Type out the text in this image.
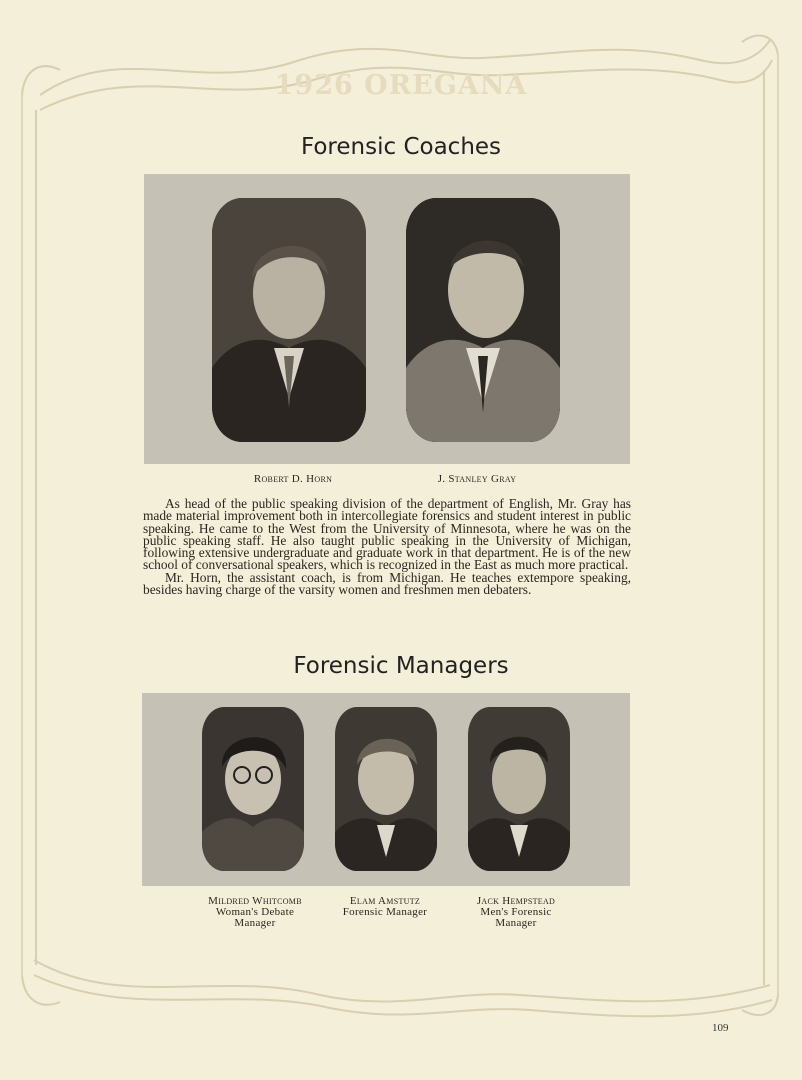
1926 OREGANA
Forensic Coaches
Robert D. Horn	J. Stanley Gray

As head of the public speaking division of the department of English, Mr. Gray has made material improvement both in intercollegiate forensics and student interest in public speaking. He came to the West from the University of Minnesota, where he was on the public speaking staff. He also taught public speaking in the University of Michigan, following extensive undergraduate and graduate work in that department. He is of the new school of conversational speakers, which is recognized in the East as much more practical.

Mr. Horn, the assistant coach, is from Michigan. He teaches extempore speaking, besides having charge of the varsity women and freshmen men debaters.

Forensic Managers
Mildred Whitcomb
Woman's Debate
Manager
Elam Amstutz
Forensic Manager
Jack Hempstead
Men's Forensic
Manager
109
